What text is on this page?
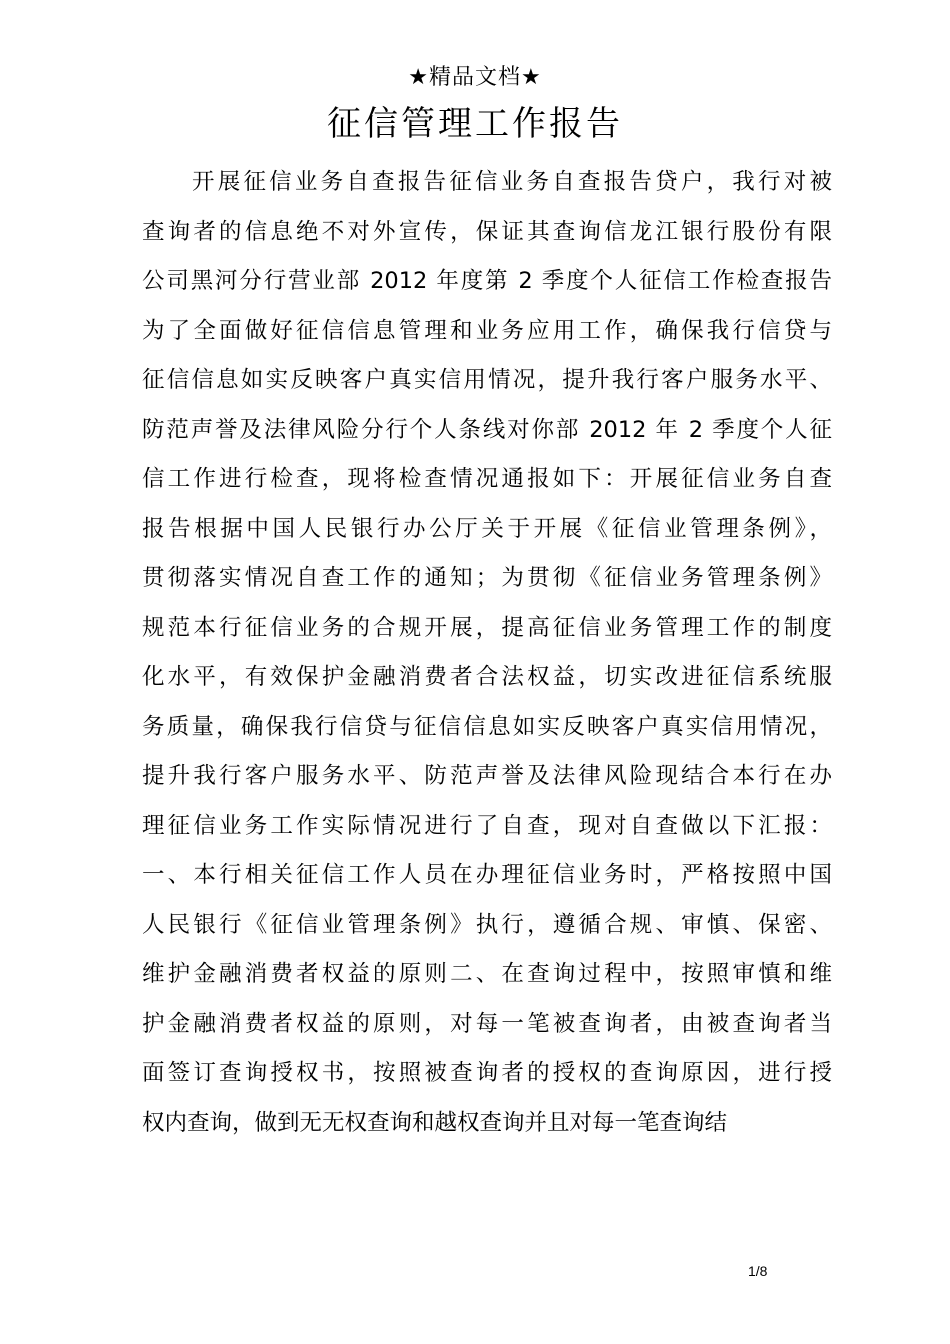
★精品文档★
征信管理工作报告
开展征信业务自查报告征信业务自查报告贷户，我行对被
查询者的信息绝不对外宣传，保证其查询信龙江银行股份有限
公司黑河分行营业部 2012 年度第 2 季度个人征信工作检查报告
为了全面做好征信信息管理和业务应用工作，确保我行信贷与
征信信息如实反映客户真实信用情况，提升我行客户服务水平、
防范声誉及法律风险分行个人条线对你部 2012 年 2 季度个人征
信工作进行检查，现将检查情况通报如下：开展征信业务自查
报告根据中国人民银行办公厅关于开展《征信业管理条例》，
贯彻落实情况自查工作的通知；为贯彻《征信业务管理条例》
规范本行征信业务的合规开展，提高征信业务管理工作的制度
化水平，有效保护金融消费者合法权益，切实改进征信系统服
务质量，确保我行信贷与征信信息如实反映客户真实信用情况，
提升我行客户服务水平、防范声誉及法律风险现结合本行在办
理征信业务工作实际情况进行了自查，现对自查做以下汇报：
一、本行相关征信工作人员在办理征信业务时，严格按照中国
人民银行《征信业管理条例》执行，遵循合规、审慎、保密、
维护金融消费者权益的原则二、在查询过程中，按照审慎和维
护金融消费者权益的原则，对每一笔被查询者，由被查询者当
面签订查询授权书，按照被查询者的授权的查询原因，进行授
权内查询，做到无无权查询和越权查询并且对每一笔查询结
1/8
